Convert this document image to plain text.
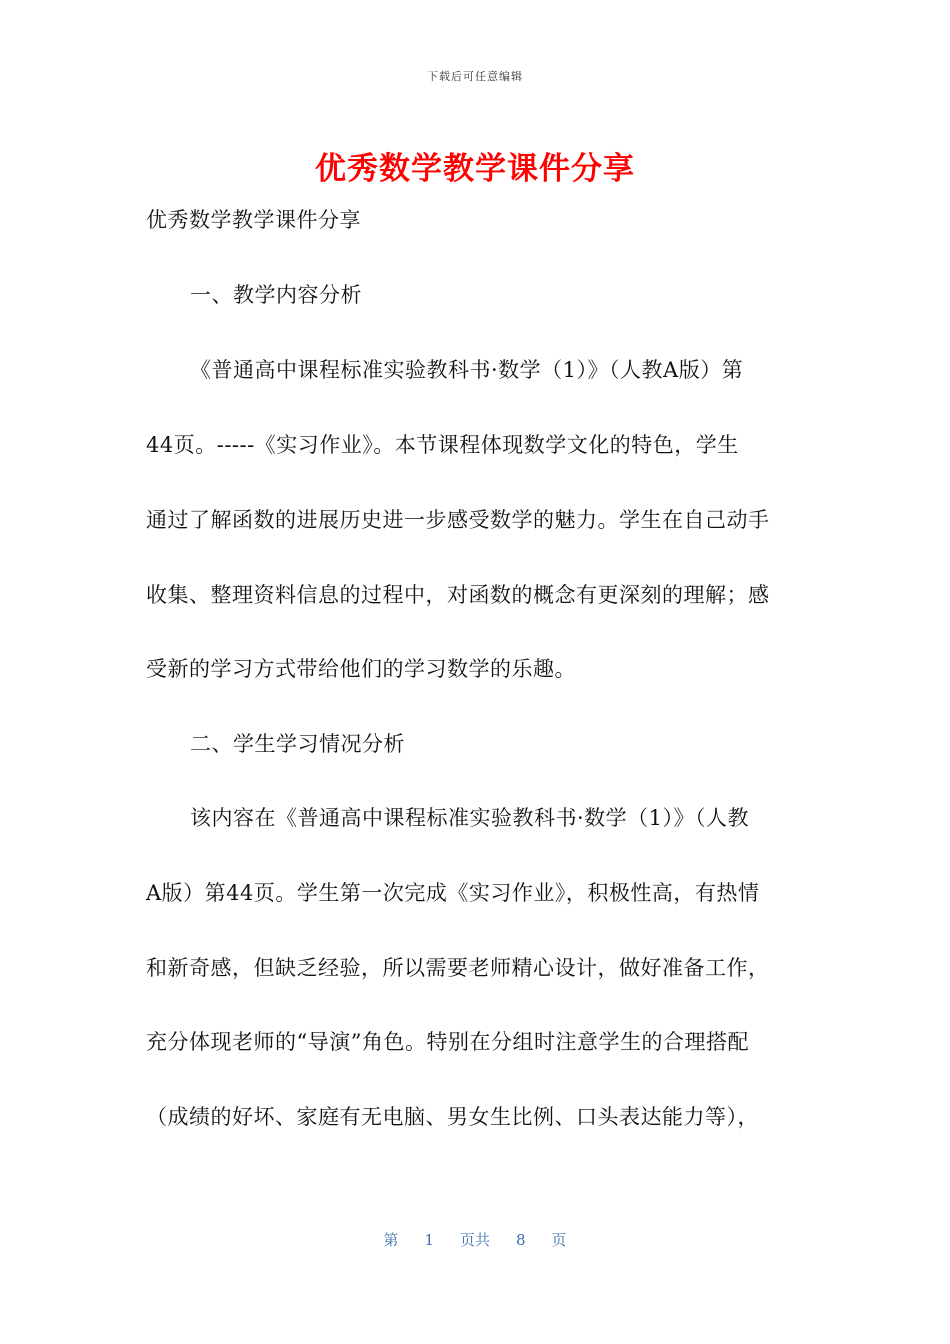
下载后可任意编辑
优秀数学教学课件分享
优秀数学教学课件分享
一、教学内容分析
《普通高中课程标准实验教科书·数学（1）》（人教A版）第
44页。-----《实习作业》。本节课程体现数学文化的特色，学生
通过了解函数的进展历史进一步感受数学的魅力。学生在自己动手
收集、整理资料信息的过程中，对函数的概念有更深刻的理解；感
受新的学习方式带给他们的学习数学的乐趣。
二、学生学习情况分析
该内容在《普通高中课程标准实验教科书·数学（1）》（人教
A版）第44页。学生第一次完成《实习作业》，积极性高，有热情
和新奇感，但缺乏经验，所以需要老师精心设计，做好准备工作，
充分体现老师的“导演”角色。特别在分组时注意学生的合理搭配
（成绩的好坏、家庭有无电脑、男女生比例、口头表达能力等），
第 1 页共 8 页
